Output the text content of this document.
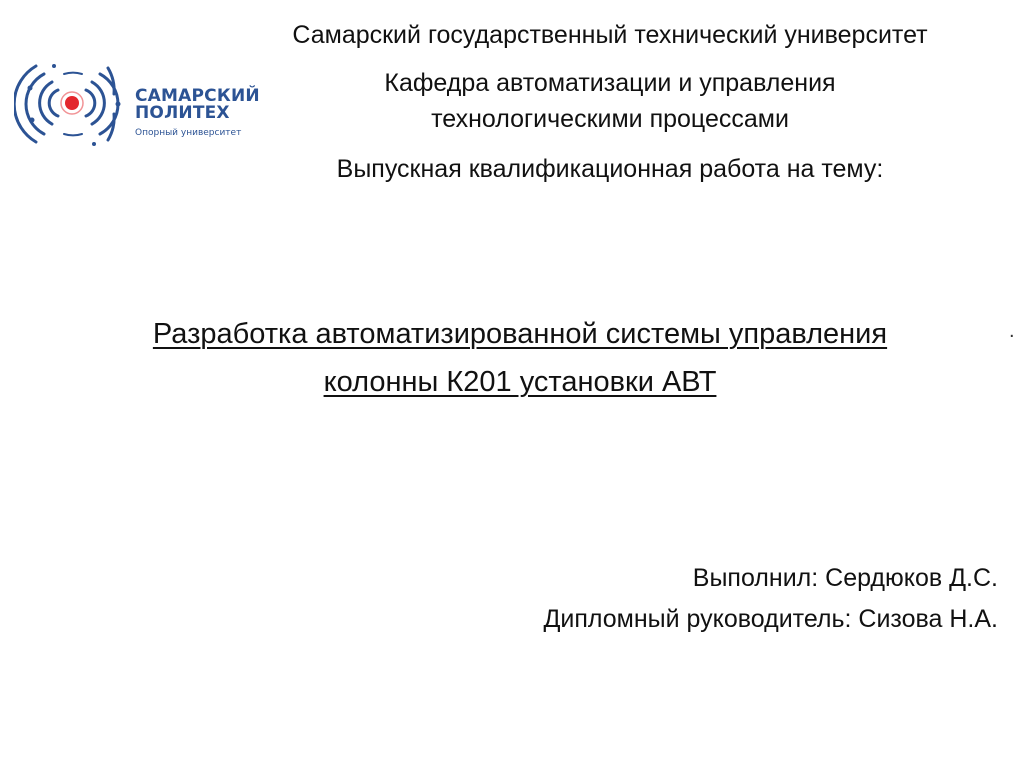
САМАРСКИЙ
ПОЛИТЕХ
Опорный университет
Самарский государственный технический университет
Кафедра автоматизации и управления
технологическими процессами
Выпускная квалификационная работа на тему:
Разработка автоматизированной системы управления
колонны К201 установки АВТ
.
Выполнил: Сердюков Д.С.
Дипломный руководитель: Сизова Н.А.
